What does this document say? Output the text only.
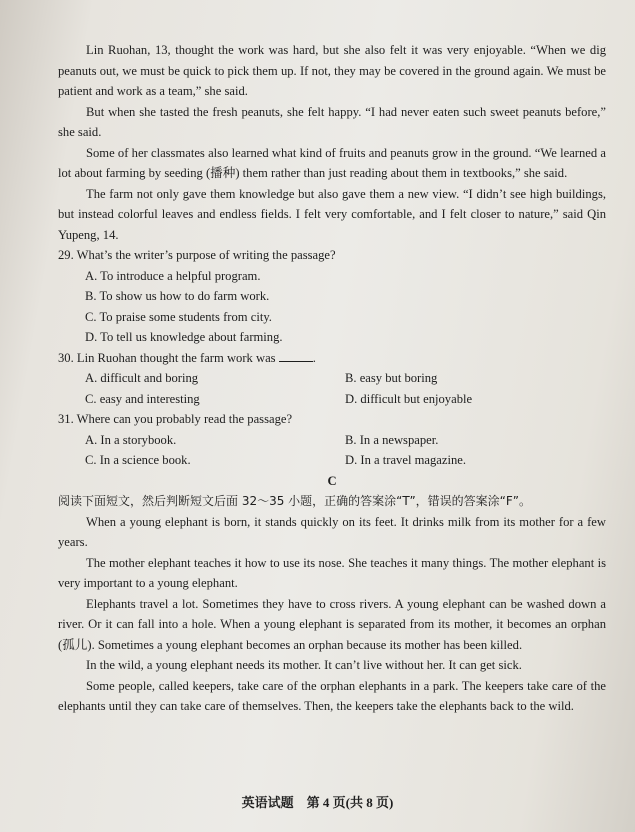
Lin Ruohan, 13, thought the work was hard, but she also felt it was very enjoyable. “When we dig peanuts out, we must be quick to pick them up. If not, they may be covered in the ground again. We must be patient and work as a team,” she said.

But when she tasted the fresh peanuts, she felt happy. “I had never eaten such sweet peanuts before,” she said.

Some of her classmates also learned what kind of fruits and peanuts grow in the ground. “We learned a lot about farming by seeding (播种) them rather than just reading about them in textbooks,” she said.

The farm not only gave them knowledge but also gave them a new view. “I didn’t see high buildings, but instead colorful leaves and endless fields. I felt very comfortable, and I felt closer to nature,” said Qin Yupeng, 14.

29. What’s the writer’s purpose of writing the passage?

A. To introduce a helpful program.

B. To show us how to do farm work.

C. To praise some students from city.

D. To tell us knowledge about farming.

30. Lin Ruohan thought the farm work was	.

A. difficult and boring	B. easy but boring
C. easy and interesting	D. difficult but enjoyable

31. Where can you probably read the passage?

A. In a storybook.	B. In a newspaper.
C. In a science book.	D. In a travel magazine.

C

阅读下面短文，然后判断短文后面 32～35 小题，正确的答案涂“T”，错误的答案涂“F”。

When a young elephant is born, it stands quickly on its feet. It drinks milk from its mother for a few years.

The mother elephant teaches it how to use its nose. She teaches it many things. The mother elephant is very important to a young elephant.

Elephants travel a lot. Sometimes they have to cross rivers. A young elephant can be washed down a river. Or it can fall into a hole. When a young elephant is separated from its mother, it becomes an orphan (孤儿). Sometimes a young elephant becomes an orphan because its mother has been killed.

In the wild, a young elephant needs its mother. It can’t live without her. It can get sick.

Some people, called keepers, take care of the orphan elephants in a park. The keepers take care of the elephants until they can take care of themselves. Then, the keepers take the elephants back to the wild.

英语试题　第 4 页(共 8 页)
